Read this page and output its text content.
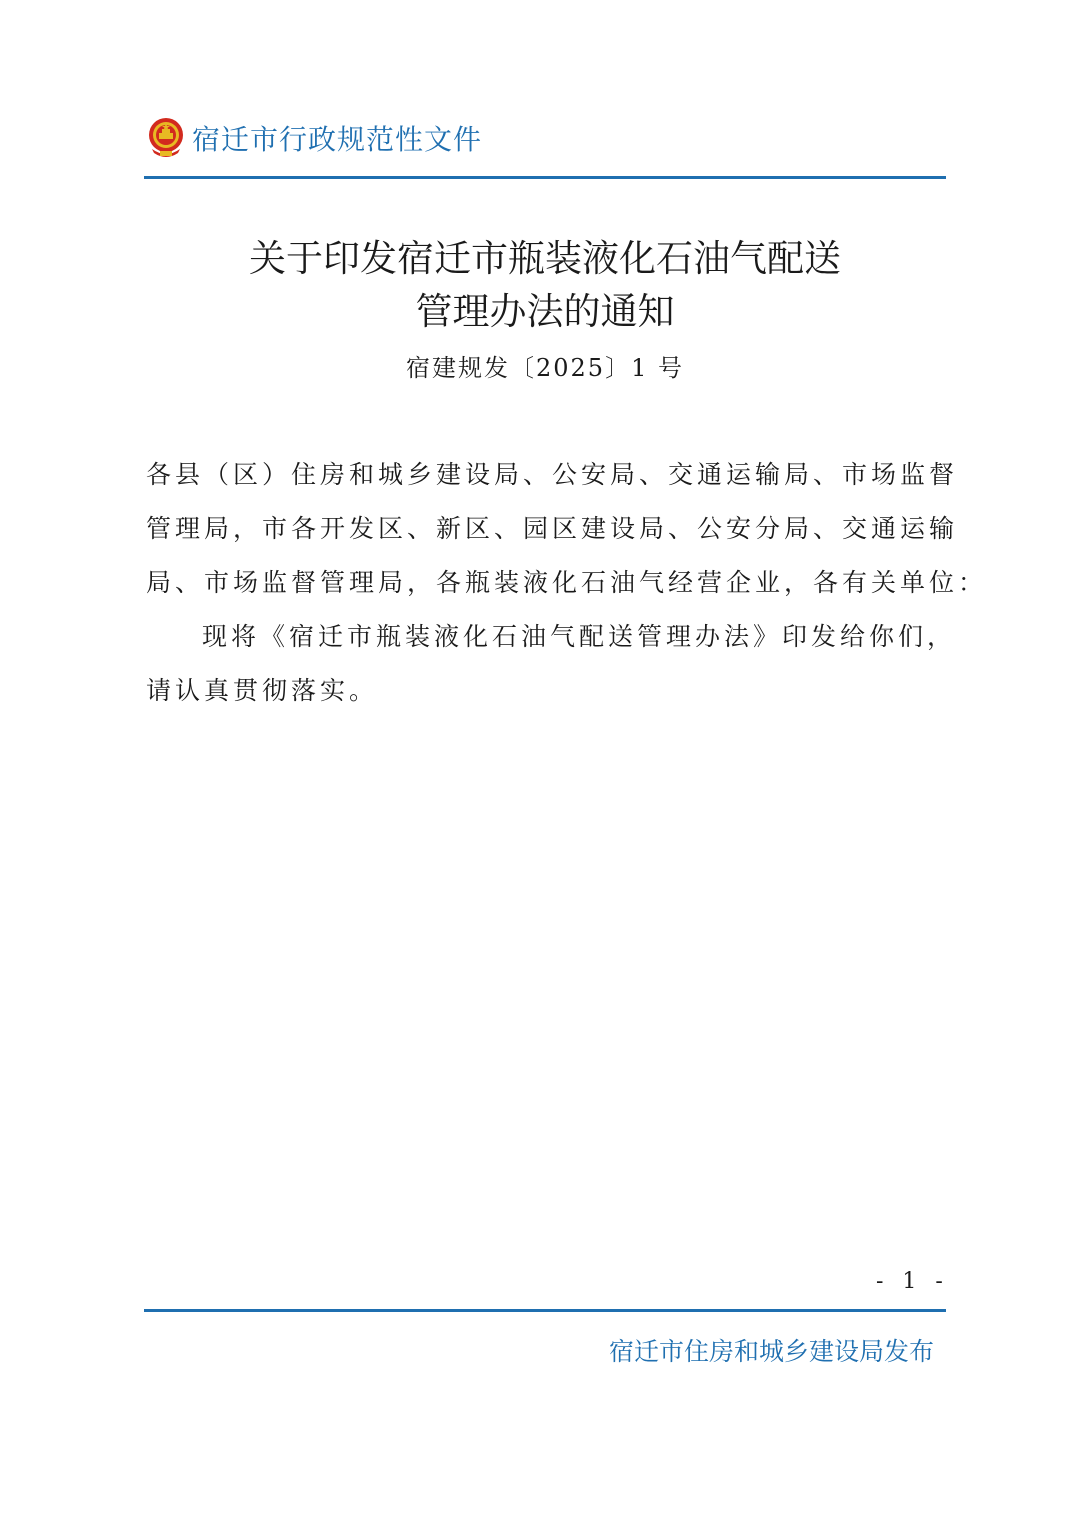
宿迁市行政规范性文件
关于印发宿迁市瓶装液化石油气配送
管理办法的通知
宿建规发〔2025〕1 号
各县（区）住房和城乡建设局、公安局、交通运输局、市场监督
管理局，市各开发区、新区、园区建设局、公安分局、交通运输
局、市场监督管理局，各瓶装液化石油气经营企业，各有关单位：
现将《宿迁市瓶装液化石油气配送管理办法》印发给你们，
请认真贯彻落实。
- 1 -
宿迁市住房和城乡建设局发布
